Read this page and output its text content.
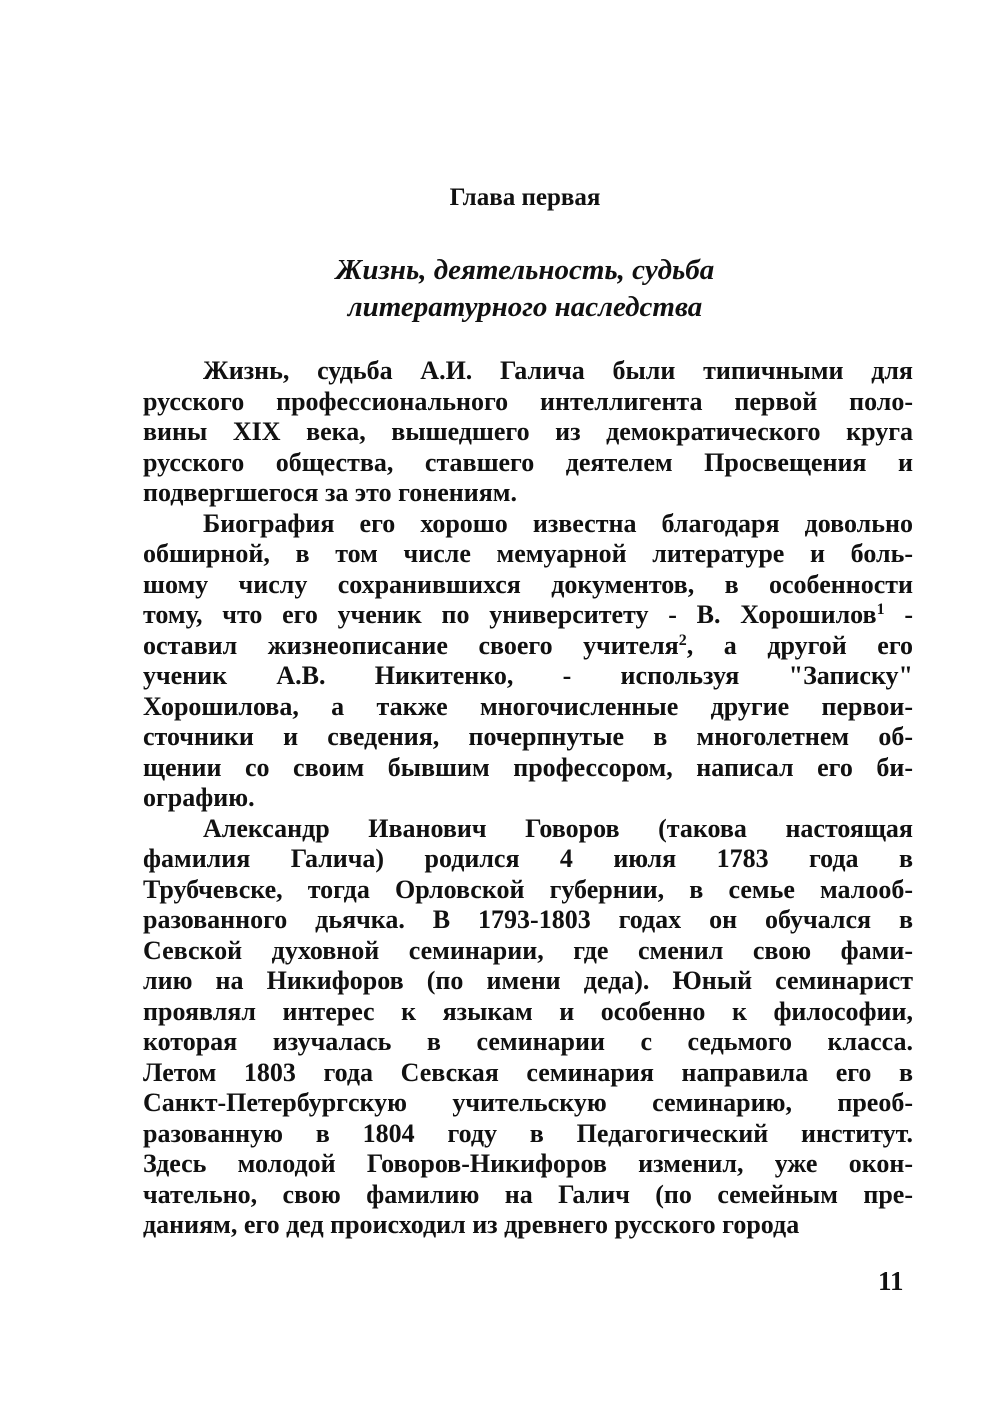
Глава первая
Жизнь, деятельность, судьба
литературного наследства
Жизнь, судьба А.И. Галича были типичными для
русского профессионального интеллигента первой поло-
вины XIX века, вышедшего из демократического круга
русского общества, ставшего деятелем Просвещения и
подвергшегося за это гонениям.
Биография его хорошо известна благодаря довольно
обширной, в том числе мемуарной литературе и боль-
шому числу сохранившихся документов, в особенности
тому, что его ученик по университету - В. Хорошилов$^1$ -
оставил жизнеописание своего учителя$^2$, а другой его
ученик А.В. Никитенко, - используя "Записку"
Хорошилова, а также многочисленные другие первои-
сточники и сведения, почерпнутые в многолетнем об-
щении со своим бывшим профессором, написал его би-
ографию.
Александр Иванович Говоров (такова настоящая
фамилия Галича) родился 4 июля 1783 года в
Трубчевске, тогда Орловской губернии, в семье малооб-
разованного дьячка. В 1793-1803 годах он обучался в
Севской духовной семинарии, где сменил свою фами-
лию на Никифоров (по имени деда). Юный семинарист
проявлял интерес к языкам и особенно к философии,
которая изучалась в семинарии с седьмого класса.
Летом 1803 года Севская семинария направила его в
Санкт-Петербургскую учительскую семинарию, преоб-
разованную в 1804 году в Педагогический институт.
Здесь молодой Говоров-Никифоров изменил, уже окон-
чательно, свою фамилию на Галич (по семейным пре-
даниям, его дед происходил из древнего русского города
11
